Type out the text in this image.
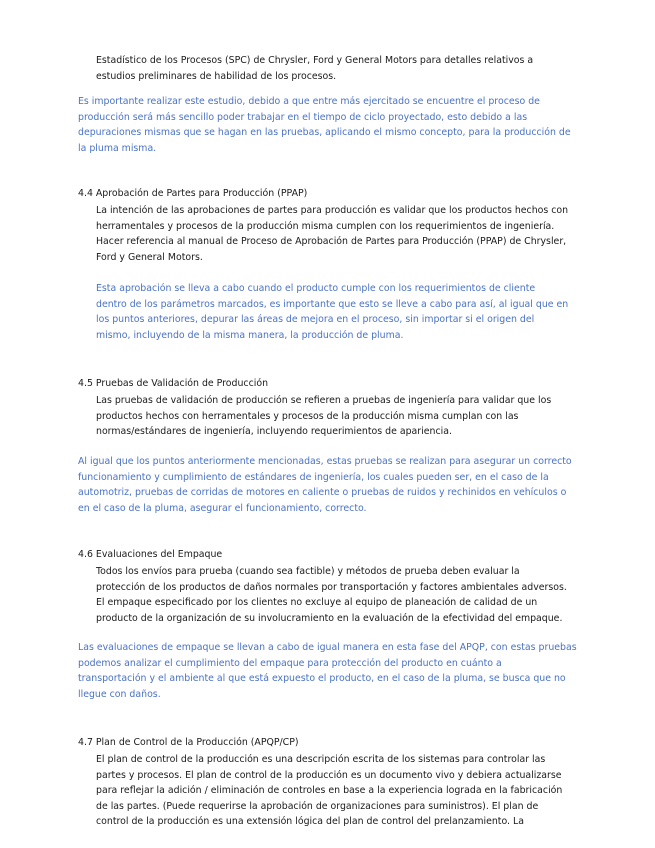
Estadístico de los Procesos (SPC) de Chrysler, Ford y General Motors para detalles relativos a
estudios preliminares de habilidad de los procesos.
Es importante realizar este estudio, debido a que entre más ejercitado se encuentre el proceso de
producción será más sencillo poder trabajar en el tiempo de ciclo proyectado, esto debido a las
depuraciones mismas que se hagan en las pruebas, aplicando el mismo concepto, para la producción de
la pluma misma.
4.4 Aprobación de Partes para Producción (PPAP)
La intención de las aprobaciones de partes para producción es validar que los productos hechos con
herramentales y procesos de la producción misma cumplen con los requerimientos de ingeniería.
Hacer referencia al manual de Proceso de Aprobación de Partes para Producción (PPAP) de Chrysler,
Ford y General Motors.
Esta aprobación se lleva a cabo cuando el producto cumple con los requerimientos de cliente
dentro de los parámetros marcados, es importante que esto se lleve a cabo para así, al igual que en
los puntos anteriores, depurar las áreas de mejora en el proceso, sin importar si el origen del
mismo, incluyendo de la misma manera, la producción de pluma.
4.5 Pruebas de Validación de Producción
Las pruebas de validación de producción se refieren a pruebas de ingeniería para validar que los
productos hechos con herramentales y procesos de la producción misma cumplan con las
normas/estándares de ingeniería, incluyendo requerimientos de apariencia.
Al igual que los puntos anteriormente mencionadas, estas pruebas se realizan para asegurar un correcto
funcionamiento y cumplimiento de estándares de ingeniería, los cuales pueden ser, en el caso de la
automotriz, pruebas de corridas de motores en caliente o pruebas de ruidos y rechinidos en vehículos o
en el caso de la pluma, asegurar el funcionamiento, correcto.
4.6 Evaluaciones del Empaque
Todos los envíos para prueba (cuando sea factible) y métodos de prueba deben evaluar la
protección de los productos de daños normales por transportación y factores ambientales adversos.
El empaque especificado por los clientes no excluye al equipo de planeación de calidad de un
producto de la organización de su involucramiento en la evaluación de la efectividad del empaque.
Las evaluaciones de empaque se llevan a cabo de igual manera en esta fase del APQP, con estas pruebas
podemos analizar el cumplimiento del empaque para protección del producto en cuánto a
transportación y el ambiente al que está expuesto el producto, en el caso de la pluma, se busca que no
llegue con daños.
4.7 Plan de Control de la Producción (APQP/CP)
El plan de control de la producción es una descripción escrita de los sistemas para controlar las
partes y procesos. El plan de control de la producción es un documento vivo y debiera actualizarse
para reflejar la adición / eliminación de controles en base a la experiencia lograda en la fabricación
de las partes. (Puede requerirse la aprobación de organizaciones para suministros). El plan de
control de la producción es una extensión lógica del plan de control del prelanzamiento. La
